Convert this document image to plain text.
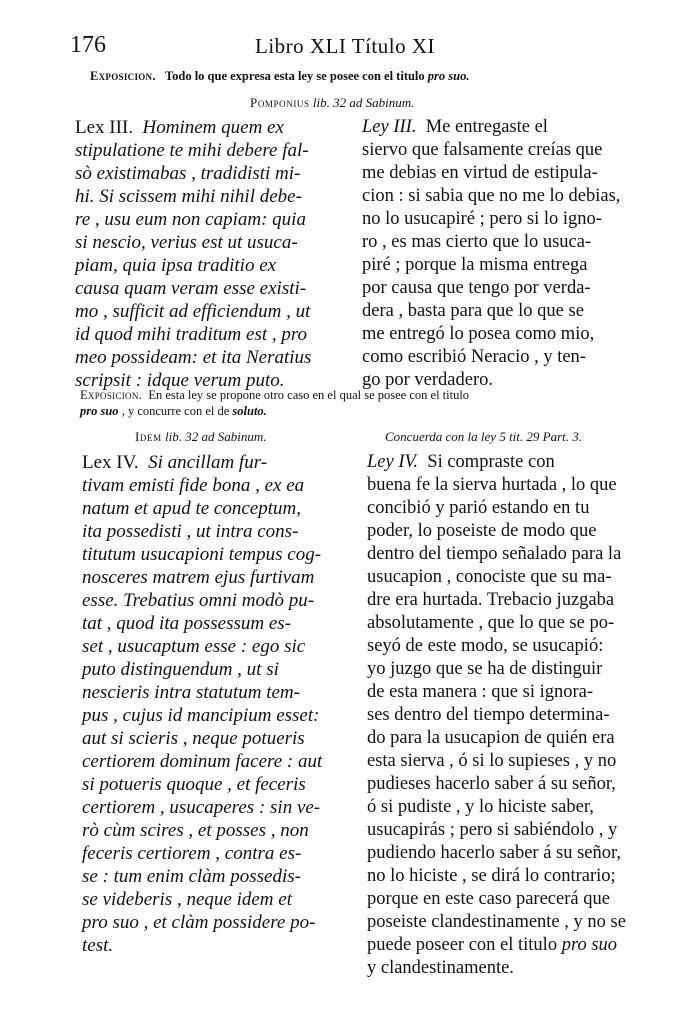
176	Libro XLI Título XI
Exposicion. Todo lo que expresa esta ley se posee con el titulo pro suo.
Pomponius lib. 32 ad Sabinum.
Lex III. Hominem quem ex
stipulatione te mihi debere fal-
sò existimabas , tradidisti mi-
hi. Si scissem mihi nihil debe-
re , usu eum non capiam: quia
si nescio, verius est ut usuca-
piam, quia ipsa traditio ex
causa quam veram esse existi-
mo , sufficit ad efficiendum , ut
id quod mihi traditum est , pro
meo possideam: et ita Neratius
scripsit : idque verum puto.
Ley III. Me entregaste el
siervo que falsamente creías que
me debias en virtud de estipula-
cion : si sabia que no me lo debias,
no lo usucapiré ; pero si lo igno-
ro , es mas cierto que lo usuca-
piré ; porque la misma entrega
por causa que tengo por verda-
dera , basta para que lo que se
me entregó lo posea como mio,
como escribió Neracio , y ten-
go por verdadero.
Exposicion. En esta ley se propone otro caso en el qual se posee con el titulo
pro suo , y concurre con el de soluto.
Idem lib. 32 ad Sabinum.	Concuerda con la ley 5 tit. 29 Part. 3.
Lex IV. Si ancillam fur-
tivam emisti fide bona , ex ea
natum et apud te conceptum,
ita possedisti , ut intra cons-
titutum usucapioni tempus cog-
nosceres matrem ejus furtivam
esse. Trebatius omni modò pu-
tat , quod ita possessum es-
set , usucaptum esse : ego sic
puto distinguendum , ut si
nescieris intra statutum tem-
pus , cujus id mancipium esset:
aut si scieris , neque potueris
certiorem dominum facere : aut
si potueris quoque , et feceris
certiorem , usucaperes : sin ve-
rò cùm scires , et posses , non
feceris certiorem , contra es-
se : tum enim clàm possedis-
se videberis , neque idem et
pro suo , et clàm possidere po-
test.
Ley IV. Si compraste con
buena fe la sierva hurtada , lo que
concibió y parió estando en tu
poder, lo poseiste de modo que
dentro del tiempo señalado para la
usucapion , conociste que su ma-
dre era hurtada. Trebacio juzgaba
absolutamente , que lo que se po-
seyó de este modo, se usucapió:
yo juzgo que se ha de distinguir
de esta manera : que si ignora-
ses dentro del tiempo determina-
do para la usucapion de quién era
esta sierva , ó si lo supieses , y no
pudieses hacerlo saber á su señor,
ó si pudiste , y lo hiciste saber,
usucapirás ; pero si sabiéndolo , y
pudiendo hacerlo saber á su señor,
no lo hiciste , se dirá lo contrario;
porque en este caso parecerá que
poseiste clandestinamente , y no se
puede poseer con el titulo pro suo
y clandestinamente.
